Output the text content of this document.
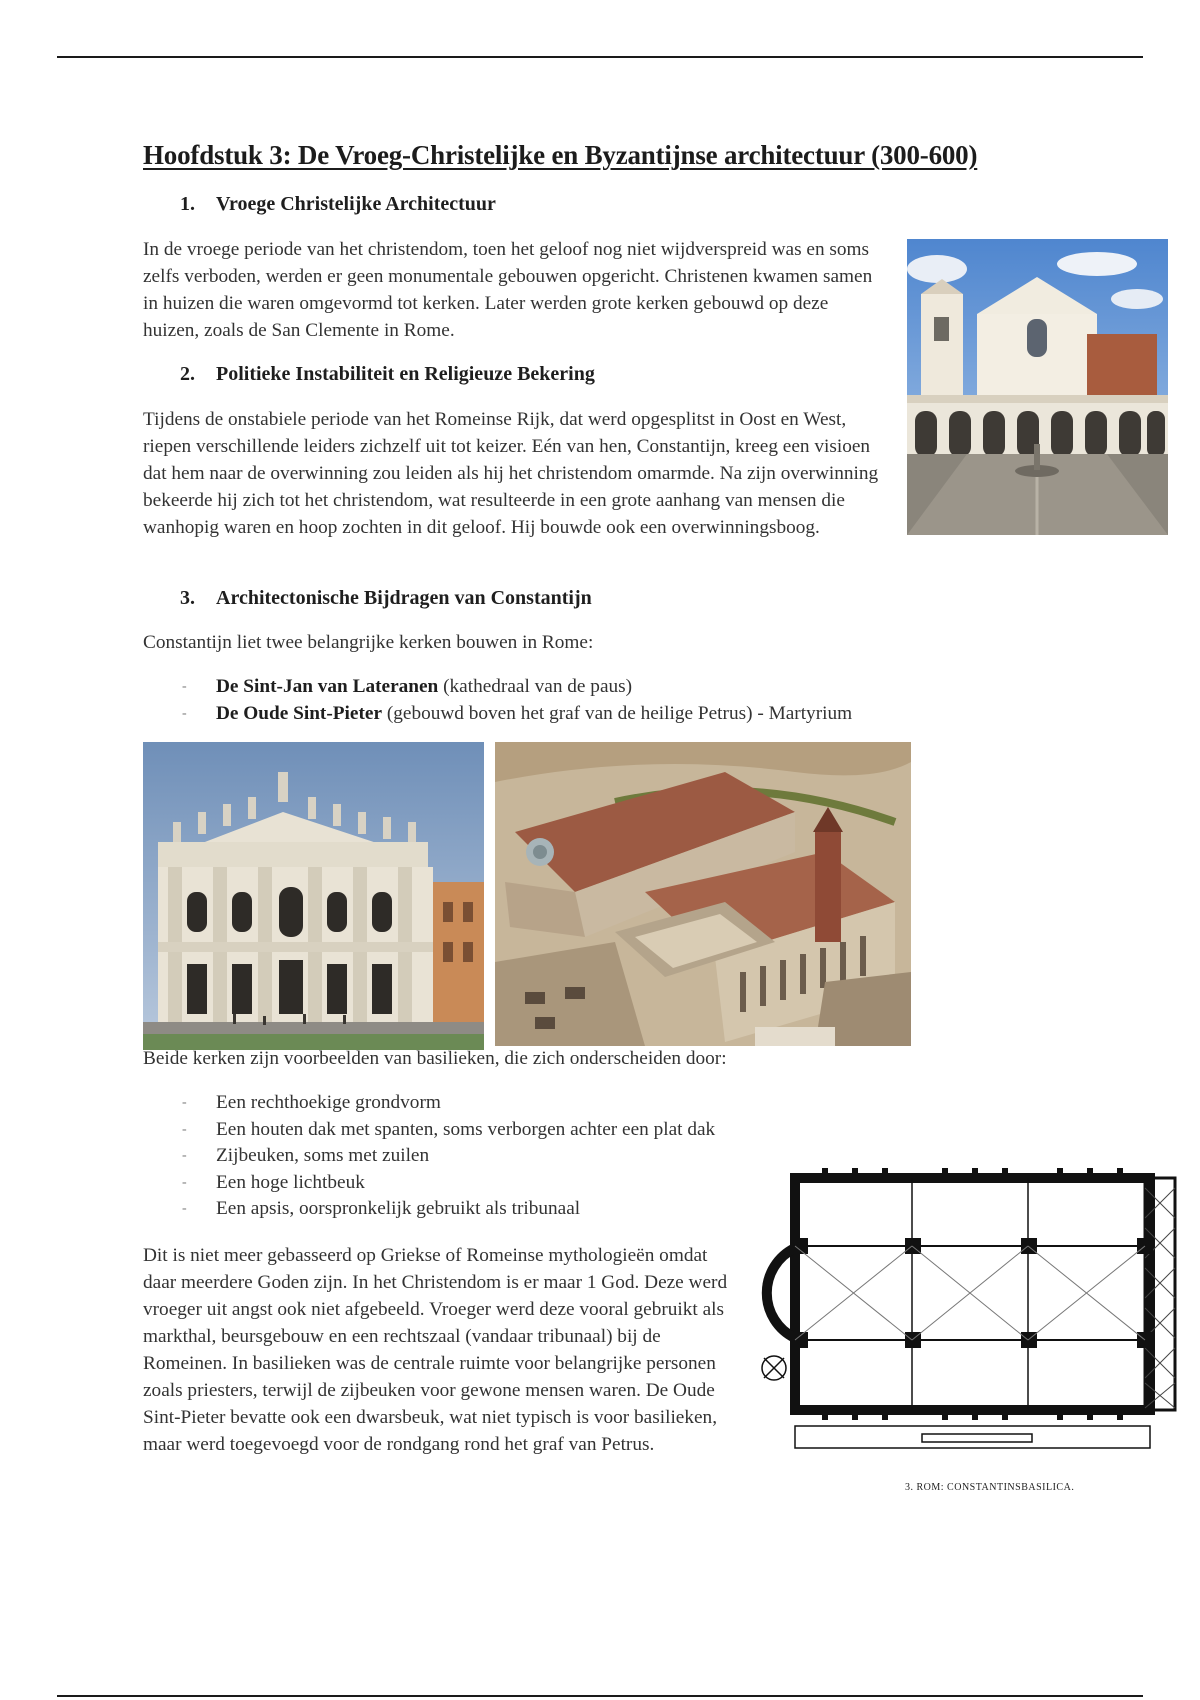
Hoofdstuk 3: De Vroeg-Christelijke en Byzantijnse architectuur (300-600)
1. Vroege Christelijke Architectuur

In de vroege periode van het christendom, toen het geloof nog niet wijdverspreid was en soms zelfs verboden, werden er geen monumentale gebouwen opgericht. Christenen kwamen samen in huizen die waren omgevormd tot kerken. Later werden grote kerken gebouwd op deze huizen, zoals de San Clemente in Rome.

2. Politieke Instabiliteit en Religieuze Bekering

Tijdens de onstabiele periode van het Romeinse Rijk, dat werd opgesplitst in Oost en West, riepen verschillende leiders zichzelf uit tot keizer. Eén van hen, Constantijn, kreeg een visioen dat hem naar de overwinning zou leiden als hij het christendom omarmde. Na zijn overwinning bekeerde hij zich tot het christendom, wat resulteerde in een grote aanhang van mensen die wanhopig waren en hoop zochten in dit geloof. Hij bouwde ook een overwinningsboog.

3. Architectonische Bijdragen van Constantijn

Constantijn liet twee belangrijke kerken bouwen in Rome:

- De Sint-Jan van Lateranen (kathedraal van de paus)
- De Oude Sint-Pieter (gebouwd boven het graf van de heilige Petrus) - Martyrium

Beide kerken zijn voorbeelden van basilieken, die zich onderscheiden door:

- Een rechthoekige grondvorm
- Een houten dak met spanten, soms verborgen achter een plat dak
- Zijbeuken, soms met zuilen
- Een hoge lichtbeuk
- Een apsis, oorspronkelijk gebruikt als tribunaal

Dit is niet meer gebasseerd op Griekse of Romeinse mythologieën omdat daar meerdere Goden zijn. In het Christendom is er maar 1 God. Deze werd vroeger uit angst ook niet afgebeeld. Vroeger werd deze vooral gebruikt als markthal, beursgebouw en een rechtszaal (vandaar tribunaal) bij de Romeinen. In basilieken was de centrale ruimte voor belangrijke personen zoals priesters, terwijl de zijbeuken voor gewone mensen waren. De Oude Sint-Pieter bevatte ook een dwarsbeuk, wat niet typisch is voor basilieken, maar werd toegevoegd voor de rondgang rond het graf van Petrus.

3. ROM: CONSTANTINSBASILICA.
